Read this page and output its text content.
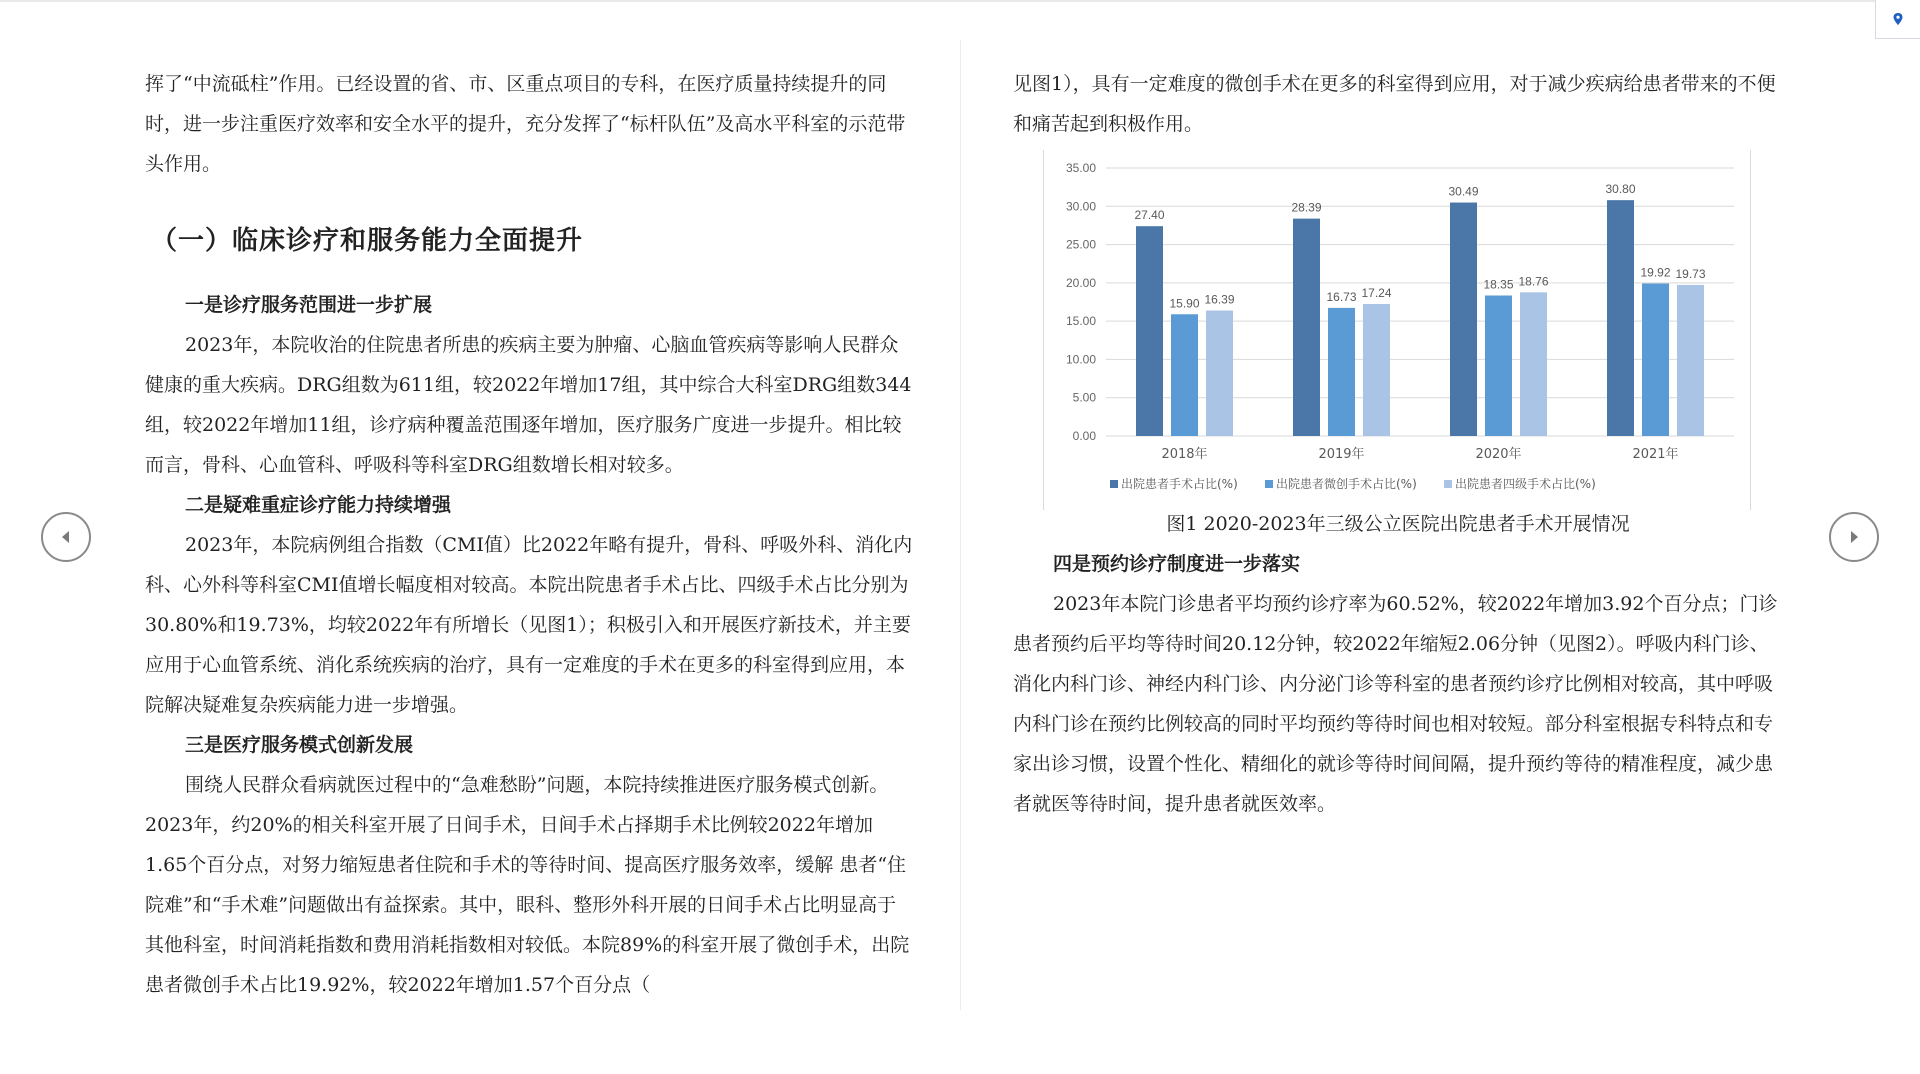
挥了“中流砥柱”作用。已经设置的省、市、区重点项目的专科，在医疗质量持续提升的同时，进一步注重医疗效率和安全水平的提升，充分发挥了“标杆队伍”及高水平科室的示范带头作用。

（一）临床诊疗和服务能力全面提升

一是诊疗服务范围进一步扩展

2023年，本院收治的住院患者所患的疾病主要为肿瘤、心脑血管疾病等影响人民群众健康的重大疾病。DRG组数为611组，较2022年增加17组，其中综合大科室DRG组数344组，较2022年增加11组，诊疗病种覆盖范围逐年增加，医疗服务广度进一步提升。相比较而言，骨科、心血管科、呼吸科等科室DRG组数增长相对较多。

二是疑难重症诊疗能力持续增强

2023年，本院病例组合指数（CMI值）比2022年略有提升，骨科、呼吸外科、消化内科、心外科等科室CMI值增长幅度相对较高。本院出院患者手术占比、四级手术占比分别为30.80%和19.73%，均较2022年有所增长（见图1）；积极引入和开展医疗新技术，并主要应用于心血管系统、消化系统疾病的治疗，具有一定难度的手术在更多的科室得到应用，本院解决疑难复杂疾病能力进一步增强。

三是医疗服务模式创新发展

围绕人民群众看病就医过程中的“急难愁盼”问题，本院持续推进医疗服务模式创新。2023年，约20%的相关科室开展了日间手术，日间手术占择期手术比例较2022年增加1.65个百分点，对努力缩短患者住院和手术的等待时间、提高医疗服务效率，缓解 患者“住院难”和“手术难”问题做出有益探索。其中，眼科、整形外科开展的日间手术占比明显高于其他科室，时间消耗指数和费用消耗指数相对较低。本院89%的科室开展了微创手术，出院患者微创手术占比19.92%，较2022年增加1.57个百分点（

见图1），具有一定难度的微创手术在更多的科室得到应用，对于减少疾病给患者带来的不便和痛苦起到积极作用。

0.00
5.00
10.00
15.00
20.00
25.00
30.00
35.00
27.40
15.90 16.39
2018年
28.39
16.73 17.24
2019年
30.49
18.35 18.76
2020年
30.80
19.92 19.73
2021年
出院患者手术占比(%)	出院患者微创手术占比(%)	出院患者四级手术占比(%)
图1 2020-2023年三级公立医院出院患者手术开展情况

四是预约诊疗制度进一步落实

2023年本院门诊患者平均预约诊疗率为60.52%，较2022年增加3.92个百分点；门诊患者预约后平均等待时间20.12分钟，较2022年缩短2.06分钟（见图2）。呼吸内科门诊、消化内科门诊、神经内科门诊、内分泌门诊等科室的患者预约诊疗比例相对较高，其中呼吸内科门诊在预约比例较高的同时平均预约等待时间也相对较短。部分科室根据专科特点和专家出诊习惯，设置个性化、精细化的就诊等待时间间隔，提升预约等待的精准程度，减少患者就医等待时间，提升患者就医效率。
